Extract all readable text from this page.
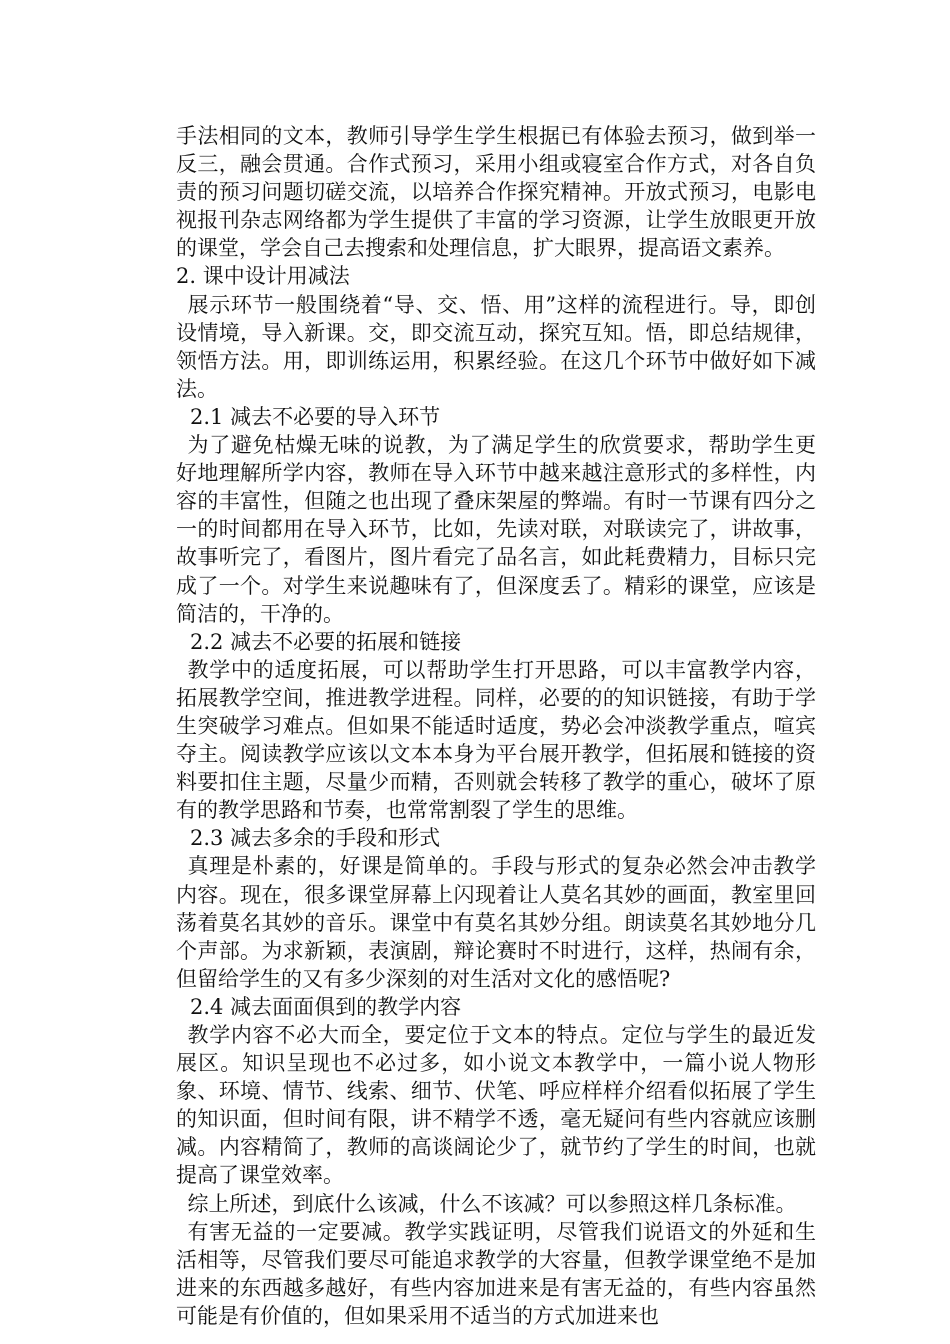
手法相同的文本，教师引导学生学生根据已有体验去预习，做到举一反三，融会贯通。合作式预习，采用小组或寝室合作方式，对各自负责的预习问题切磋交流，以培养合作探究精神。开放式预习，电影电视报刊杂志网络都为学生提供了丰富的学习资源，让学生放眼更开放的课堂，学会自己去搜索和处理信息，扩大眼界，提高语文素养。

2. 课中设计用减法

展示环节一般围绕着“导、交、悟、用”这样的流程进行。导，即创设情境，导入新课。交，即交流互动，探究互知。悟，即总结规律，领悟方法。用，即训练运用，积累经验。在这几个环节中做好如下减法。

2.1 减去不必要的导入环节

为了避免枯燥无味的说教，为了满足学生的欣赏要求，帮助学生更好地理解所学内容，教师在导入环节中越来越注意形式的多样性，内容的丰富性，但随之也出现了叠床架屋的弊端。有时一节课有四分之一的时间都用在导入环节，比如，先读对联，对联读完了，讲故事，故事听完了，看图片，图片看完了品名言，如此耗费精力，目标只完成了一个。对学生来说趣味有了，但深度丢了。精彩的课堂，应该是简洁的，干净的。

2.2 减去不必要的拓展和链接

教学中的适度拓展，可以帮助学生打开思路，可以丰富教学内容，拓展教学空间，推进教学进程。同样，必要的的知识链接，有助于学生突破学习难点。但如果不能适时适度，势必会冲淡教学重点，喧宾夺主。阅读教学应该以文本本身为平台展开教学，但拓展和链接的资料要扣住主题，尽量少而精，否则就会转移了教学的重心，破坏了原有的教学思路和节奏，也常常割裂了学生的思维。

2.3 减去多余的手段和形式

真理是朴素的，好课是简单的。手段与形式的复杂必然会冲击教学内容。现在，很多课堂屏幕上闪现着让人莫名其妙的画面，教室里回荡着莫名其妙的音乐。课堂中有莫名其妙分组。朗读莫名其妙地分几个声部。为求新颖，表演剧，辩论赛时不时进行，这样，热闹有余，但留给学生的又有多少深刻的对生活对文化的感悟呢?

2.4 减去面面俱到的教学内容

教学内容不必大而全，要定位于文本的特点。定位与学生的最近发展区。知识呈现也不必过多，如小说文本教学中，一篇小说人物形象、环境、情节、线索、细节、伏笔、呼应样样介绍看似拓展了学生的知识面，但时间有限，讲不精学不透，毫无疑问有些内容就应该删减。内容精简了，教师的高谈阔论少了，就节约了学生的时间，也就提高了课堂效率。

综上所述，到底什么该减，什么不该减？可以参照这样几条标准。

有害无益的一定要减。教学实践证明，尽管我们说语文的外延和生活相等，尽管我们要尽可能追求教学的大容量，但教学课堂绝不是加进来的东西越多越好，有些内容加进来是有害无益的，有些内容虽然可能是有价值的，但如果采用不适当的方式加进来也
